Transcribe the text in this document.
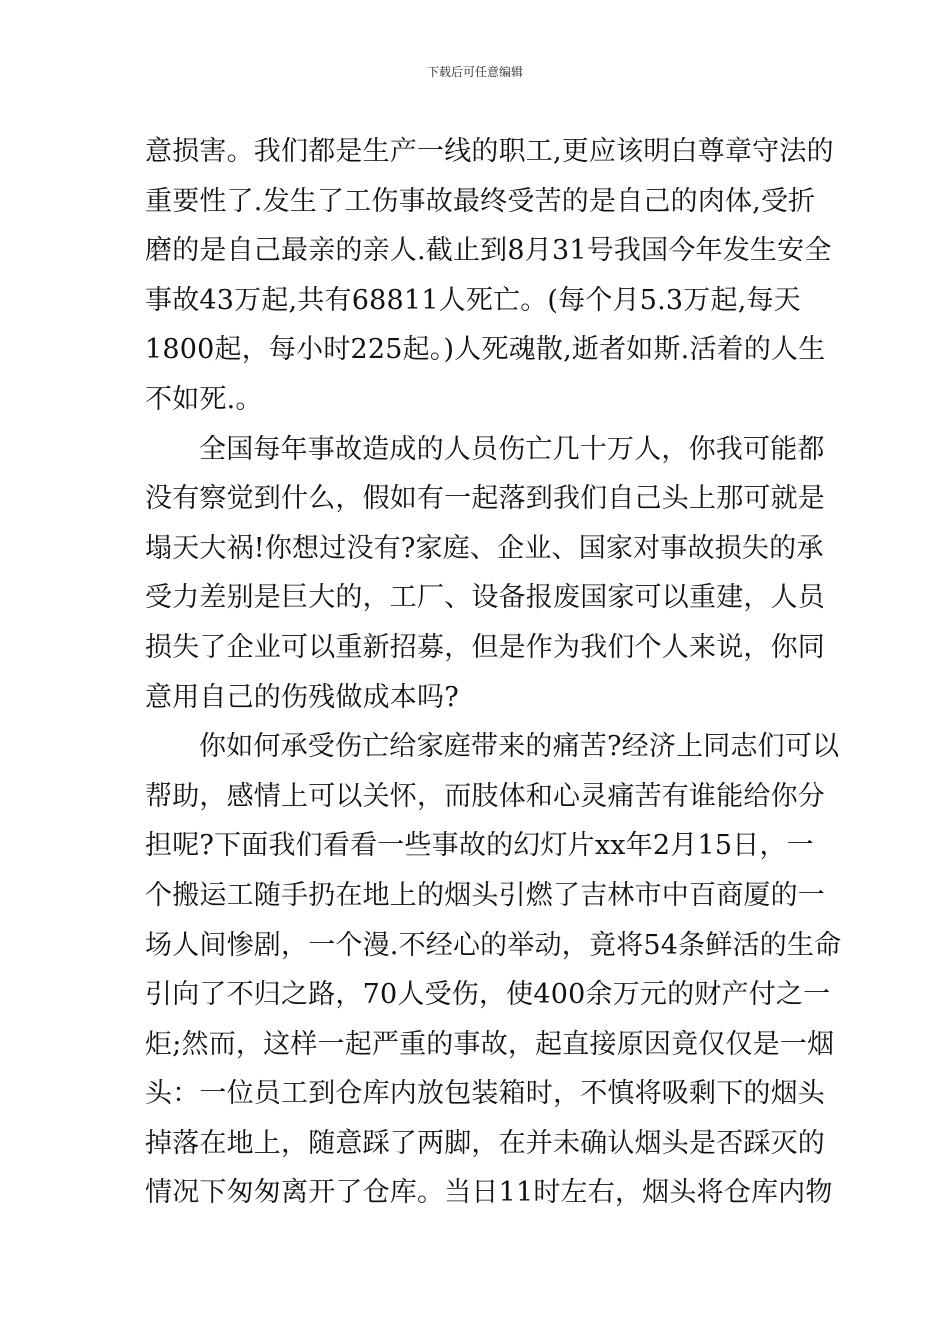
下载后可任意编辑
意损害。我们都是生产一线的职工,更应该明白尊章守法的
重要性了.发生了工伤事故最终受苦的是自己的肉体,受折
磨的是自己最亲的亲人.截止到8月31号我国今年发生安全
事故43万起,共有68811人死亡。(每个月5.3万起,每天
1800起，每小时225起。)人死魂散,逝者如斯.活着的人生
不如死.。
全国每年事故造成的人员伤亡几十万人，你我可能都
没有察觉到什么，假如有一起落到我们自己头上那可就是
塌天大祸!你想过没有?家庭、企业、国家对事故损失的承
受力差别是巨大的，工厂、设备报废国家可以重建，人员
损失了企业可以重新招募，但是作为我们个人来说，你同
意用自己的伤残做成本吗?
你如何承受伤亡给家庭带来的痛苦?经济上同志们可以
帮助，感情上可以关怀，而肢体和心灵痛苦有谁能给你分
担呢?下面我们看看一些事故的幻灯片xx年2月15日，一
个搬运工随手扔在地上的烟头引燃了吉林市中百商厦的一
场人间惨剧，一个漫.不经心的举动，竟将54条鲜活的生命
引向了不归之路，70人受伤，使400余万元的财产付之一
炬;然而，这样一起严重的事故，起直接原因竟仅仅是一烟
头：一位员工到仓库内放包装箱时，不慎将吸剩下的烟头
掉落在地上，随意踩了两脚，在并未确认烟头是否踩灭的
情况下匆匆离开了仓库。当日11时左右，烟头将仓库内物
